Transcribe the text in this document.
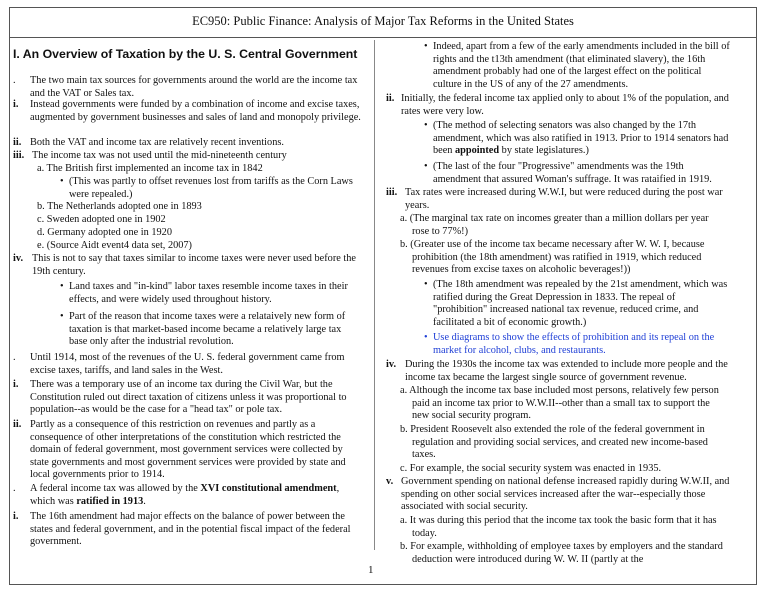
EC950: Public Finance: Analysis of Major Tax Reforms in the United States
I. An Overview of Taxation by the U. S. Central Government
. The two main tax sources for governments around the world are the income tax and the VAT or Sales tax.
i. Instead governments were funded by a combination of income and excise taxes, augmented by government businesses and sales of land and monopoly privilege.
ii. Both the VAT and income tax are relatively recent inventions.
iii. The income tax was not used until the mid-nineteenth century
a. The British first implemented an income tax in 1842
• (This was partly to offset revenues lost from tariffs as the Corn Laws were repealed.)
b. The Netherlands adopted one in 1893
c. Sweden adopted one in 1902
d. Germany adopted one in 1920
e. (Source Aidt event4 data set, 2007)
iv. This is not to say that taxes similar to income taxes were never used before the 19th century.
• Land taxes and "in-kind" labor taxes resemble income taxes in their effects, and were widely used throughout history.
• Part of the reason that income taxes were a relataively new form of taxation is that market-based income became a relatively large tax base only after the industrial revolution.
. Until 1914, most of the revenues of the U. S. federal government came from excise taxes, tariffs, and land sales in the West.
i. There was a temporary use of an income tax during the Civil War, but the Constitution ruled out direct taxation of citizens unless it was proportional to population--as would be the case for a "head tax" or pole tax.
ii. Partly as a consequence of this restriction on revenues and partly as a consequence of other interpretations of the constitution which restricted the domain of federal government, most government services were collected by state governments and most government services were provided by state and local governments prior to 1914.
. A federal income tax was allowed by the XVI constitutional amendment, which was ratified in 1913.
i. The 16th amendment had major effects on the balance of power between the states and federal government, and in the potential fiscal impact of the federal government.
• Indeed, apart from a few of the early amendments included in the bill of rights and the t13th amendment (that eliminated slavery), the 16th amendment probably had one of the largest effect on the political culture in the US of any of the 27 amendments.
ii. Initially, the federal income tax applied only to about 1% of the population, and rates were very low.
• (The method of selecting senators was also changed by the 17th amendment, which was also ratified in 1913. Prior to 1914 senators had been appointed by state legislatures.)
• (The last of the four "Progressive" amendments was the 19th amendment that assured Woman's suffrage. It was rataified in 1919.
iii. Tax rates were increased during W.W.I, but were reduced during the post war years.
a. (The marginal tax rate on incomes greater than a million dollars per year rose to 77%!)
b. (Greater use of the income tax became necessary after W. W. I, because prohibition (the 18th amendment) was ratified in 1919, which reduced revenues from excise taxes on alcoholic beverages!))
• (The 18th amendment was repealed by the 21st amendment, which was ratified during the Great Depression in 1833. The repeal of "prohibition" increased national tax revenue, reduced crime, and facilitated a bit of economic growth.)
• Use diagrams to show the effects of prohibition and its repeal on the market for alcohol, clubs, and restaurants.
iv. During the 1930s the income tax was extended to include more people and the income tax became the largest single source of government revenue.
a. Although the income tax base included most persons, relatively few person paid an income tax prior to W.W.II--other than a small tax to support the new social security program.
b. President Roosevelt also extended the role of the federal government in regulation and providing social services, and created new income-based taxes.
c. For example, the social security system was enacted in 1935.
v. Government spending on national defense increased rapidly during W.W.II, and spending on other social services increased after the war--especially those associated with social security.
a. It was during this period that the income tax took the basic form that it has today.
b. For example, withholding of employee taxes by employers and the standard deduction were introduced during W. W. II (partly at the
1
